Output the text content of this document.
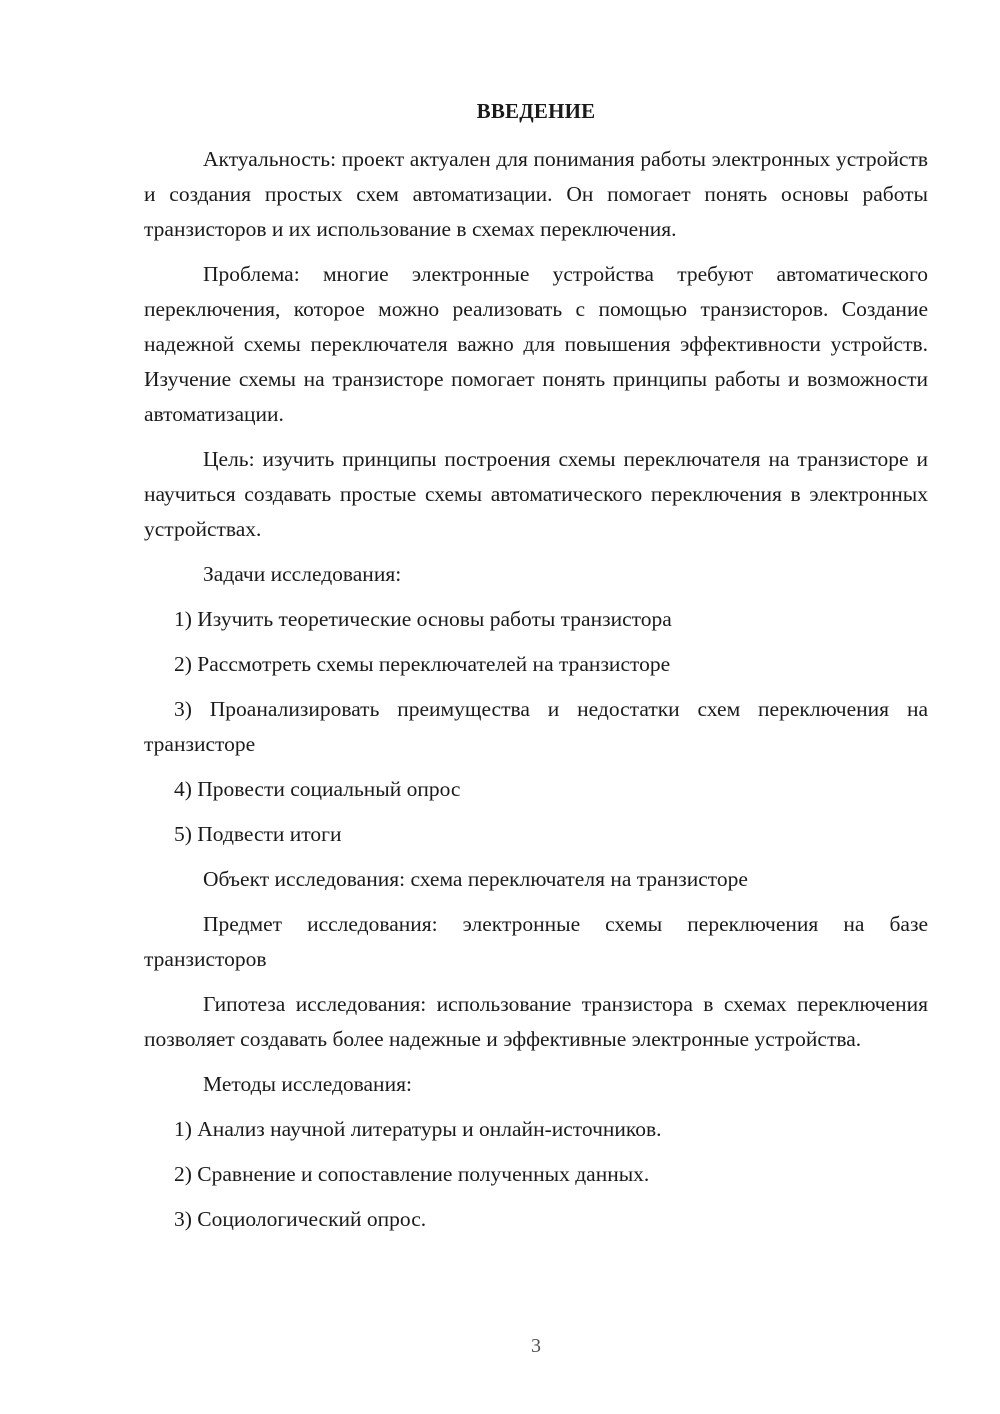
ВВЕДЕНИЕ

Актуальность: проект актуален для понимания работы электронных устройств и создания простых схем автоматизации. Он помогает понять основы работы транзисторов и их использование в схемах переключения.

Проблема: многие электронные устройства требуют автоматического переключения, которое можно реализовать с помощью транзисторов. Создание надежной схемы переключателя важно для повышения эффективности устройств. Изучение схемы на транзисторе помогает понять принципы работы и возможности автоматизации.

Цель: изучить принципы построения схемы переключателя на транзисторе и научиться создавать простые схемы автоматического переключения в электронных устройствах.

Задачи исследования:

1) Изучить теоретические основы работы транзистора

2) Рассмотреть схемы переключателей на транзисторе

3) Проанализировать преимущества и недостатки схем переключения на транзисторе

4) Провести социальный опрос

5) Подвести итоги

Объект исследования: схема переключателя на транзисторе

Предмет исследования: электронные схемы переключения на базе транзисторов

Гипотеза исследования: использование транзистора в схемах переключения позволяет создавать более надежные и эффективные электронные устройства.

Методы исследования:

1) Анализ научной литературы и онлайн-источников.

2) Сравнение и сопоставление полученных данных.

3) Социологический опрос.

3
